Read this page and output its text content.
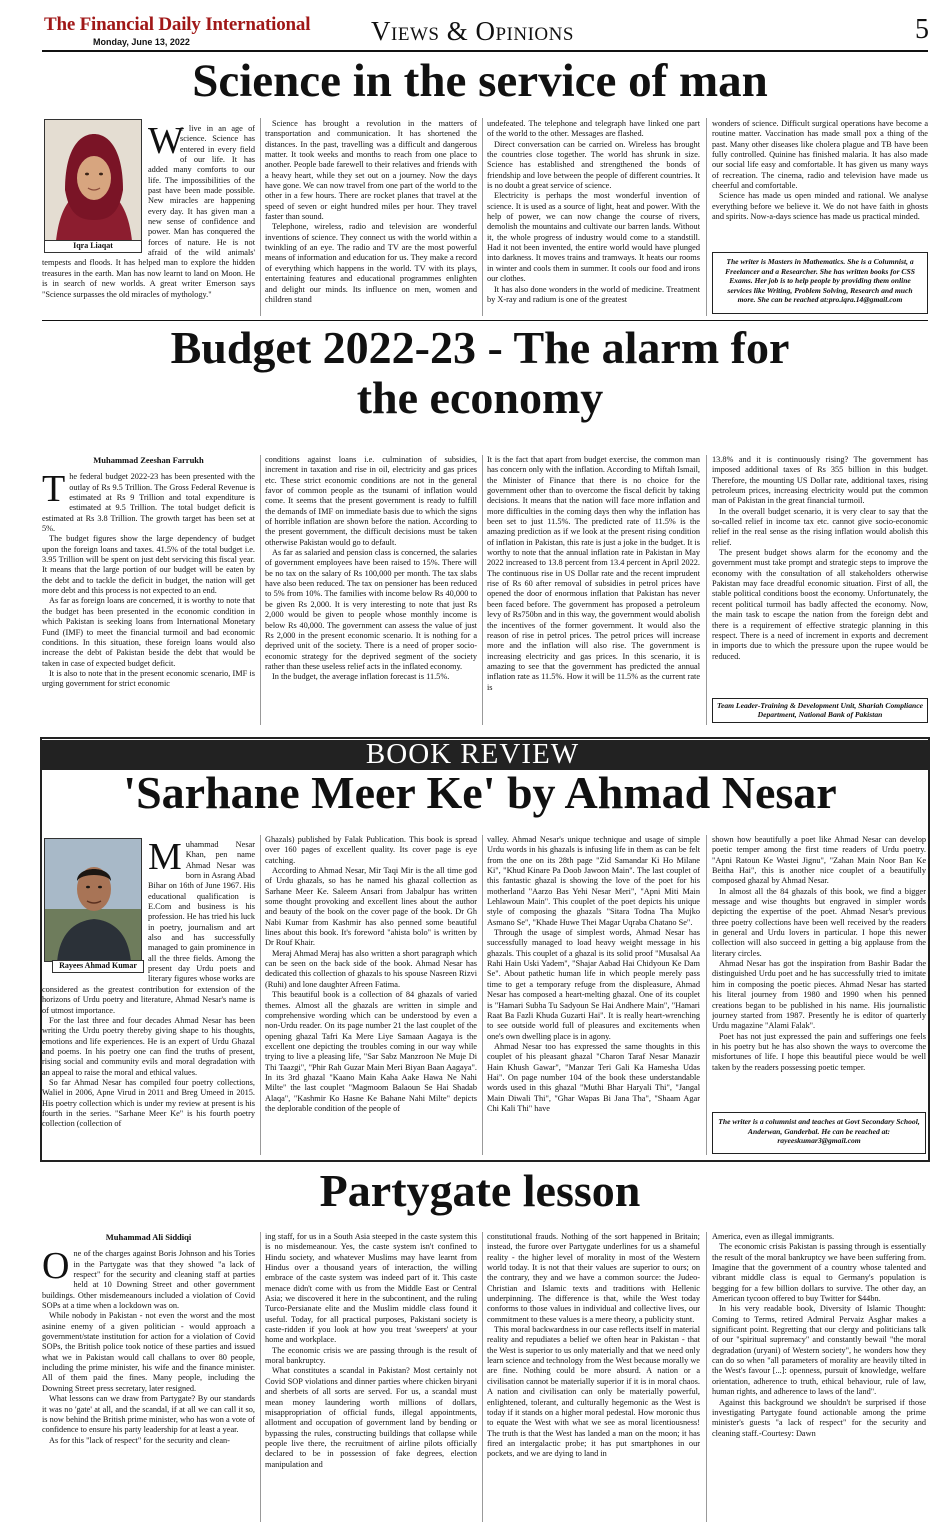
The Financial Daily International
Monday, June 13, 2022	Views & Opinions	5
Science in the service of man
Iqra Liaqat
W

e live in an age of science. Science has entered in every field of our life. It has added many comforts to our life. The impossibilities of the past have been made possible. New miracles are happening every day. It has given man a new sense of confidence and power. Man has conquered the forces of nature. He is not afraid of the wild animals' tempests and floods. It has helped man to explore the hidden treasures in the earth. Man has now learnt to land on Moon. He is in search of new worlds. A great writer Emerson says "Science surpasses the old miracles of mythology."

Science has brought a revolution in the matters of transportation and communication. It has shortened the distances. In the past, travelling was a difficult and dangerous matter. It took weeks and months to reach from one place to another. People bade farewell to their relatives and friends with a heavy heart, while they set out on a journey. Now the days have gone. We can now travel from one part of the world to the other in a few hours. There are rocket planes that travel at the speed of seven or eight hundred miles per hour. They travel faster than sound.

Telephone, wireless, radio and television are wonderful inventions of science. They connect us with the world within a twinkling of an eye. The radio and TV are the most powerful means of information and education for us. They make a record of everything which happens in the world. TV with its plays, entertaining features and educational programmes enlighten and delight our minds. Its influence on men, women and children stand

undefeated. The telephone and telegraph have linked one part of the world to the other. Messages are flashed.

Direct conversation can be carried on. Wireless has brought the countries close together. The world has shrunk in size. Science has established and strengthened the bonds of friendship and love between the people of different countries. It is no doubt a great service of science.

Electricity is perhaps the most wonderful invention of science. It is used as a source of light, heat and power. With the help of power, we can now change the course of rivers, demolish the mountains and cultivate our barren lands. Without it, the whole progress of industry would come to a standstill. Had it not been invented, the entire world would have plunged into darkness. It moves trains and tramways. It heats our rooms in winter and cools them in summer. It cools our food and irons our clothes.

It has also done wonders in the world of medicine. Treatment by X-ray and radium is one of the greatest

wonders of science. Difficult surgical operations have become a routine matter. Vaccination has made small pox a thing of the past. Many other diseases like cholera plague and TB have been fully controlled. Quinine has finished malaria. It has also made our social life easy and comfortable. It has given us many ways of recreation. The cinema, radio and television have made us cheerful and comfortable.

Science has made us open minded and rational. We analyse everything before we believe it. We do not have faith in ghosts and spirits. Now-a-days science has made us practical minded.

The writer is Masters in Mathematics. She is a Columnist, a Freelancer and a Researcher. She has written books for CSS Exams. Her job is to help people by providing them online services like Writing, Problem Solving, Research and much more. She can be reached at:pro.iqra.14@gmail.com
Budget 2022-23 - The alarm for
the economy
Muhammad Zeeshan Farrukh
T he federal budget 2022-23 has been presented with the outlay of Rs 9.5 Trillion. The Gross Federal Revenue is estimated at Rs 9 Trillion and total expenditure is estimated at 9.5 Trillion. The total budget deficit is estimated at Rs 3.8 Trillion. The growth target has been set at 5%.

The budget figures show the large dependency of budget upon the foreign loans and taxes. 41.5% of the total budget i.e. 3.95 Trillion will be spent on just debt servicing this fiscal year. It means that the large portion of our budget will be eaten by the debt and to tackle the deficit in budget, the nation will get more debt and this process is not expected to an end.

As far as foreign loans are concerned, it is worthy to note that the budget has been presented in the economic condition in which Pakistan is seeking loans from International Monetary Fund (IMF) to meet the financial turmoil and bad economic conditions. In this situation, these foreign loans would also increase the debt of Pakistan beside the debt that would be taken in case of expected budget deficit.

It is also to note that in the present economic scenario, IMF is urging government for strict economic

conditions against loans i.e. culmination of subsidies, increment in taxation and rise in oil, electricity and gas prices etc. These strict economic conditions are not in the general favor of common people as the tsunami of inflation would come. It seems that the present government is ready to fulfill the demands of IMF on immediate basis due to which the signs of horrible inflation are shown before the nation. According to the present government, the difficult decisions must be taken otherwise Pakistan would go to default.

As far as salaried and pension class is concerned, the salaries of government employees have been raised to 15%. There will be no tax on the salary of Rs 100,000 per month. The tax slabs have also been reduced. The tax on pensioner has been reduced to 5% from 10%. The families with income below Rs 40,000 to be given Rs 2,000. It is very interesting to note that just Rs 2,000 would be given to people whose monthly income is below Rs 40,000. The government can assess the value of just Rs 2,000 in the present economic scenario. It is nothing for a deprived unit of the society. There is a need of proper socio-economic strategy for the deprived segment of the society rather than these useless relief acts in the inflated economy.

In the budget, the average inflation forecast is 11.5%.

It is the fact that apart from budget exercise, the common man has concern only with the inflation. According to Miftah Ismail, the Minister of Finance that there is no choice for the government other than to overcome the fiscal deficit by taking decisions. It means that the nation will face more inflation and more difficulties in the coming days then why the inflation has been set to just 11.5%. The predicted rate of 11.5% is the amazing prediction as if we look at the present rising condition of inflation in Pakistan, this rate is just a joke in the budget. It is worthy to note that the annual inflation rate in Pakistan in May 2022 increased to 13.8 percent from 13.4 percent in April 2022. The continuous rise in US Dollar rate and the recent imprudent rise of Rs 60 after removal of subsidies in petrol prices have opened the door of enormous inflation that Pakistan has never been faced before. The government has proposed a petroleum levy of Rs750bn and in this way, the government would abolish the incentives of the former government. It would also the reason of rise in petrol prices. The petrol prices will increase more and the inflation will also rise. The government is increasing electricity and gas prices. In this scenario, it is amazing to see that the government has predicted the annual inflation rate as 11.5%. How it will be 11.5% as the current rate is

13.8% and it is continuously rising? The government has imposed additional taxes of Rs 355 billion in this budget. Therefore, the mounting US Dollar rate, additional taxes, rising petroleum prices, increasing electricity would put the common man of Pakistan in the great financial turmoil.

In the overall budget scenario, it is very clear to say that the so-called relief in income tax etc. cannot give socio-economic relief in the real sense as the rising inflation would abolish this relief.

The present budget shows alarm for the economy and the government must take prompt and strategic steps to improve the economy with the consultation of all stakeholders otherwise Pakistan may face dreadful economic situation. First of all, the stable political conditions boost the economy. Unfortunately, the recent political turmoil has badly affected the economy. Now, the main task to escape the nation from the foreign debt and there is a requirement of effective strategic planning in this respect. There is a need of increment in exports and decrement in imports due to which the pressure upon the rupee would be reduced.

Team Leader-Training & Development Unit, Shariah Compliance Department, National Bank of Pakistan
BOOK REVIEW
'Sarhane Meer Ke' by Ahmad Nesar
Rayees Ahmad Kumar
M uhammad Nesar Khan, pen name Ahmad Nesar was born in Asrang Abad Bihar on 16th of June 1967. His educational qualification is E.Com and business is his profession. He has tried his luck in poetry, journalism and art also and has successfully managed to gain prominence in all the three fields. Among the present day Urdu poets and literary figures whose works are considered as the greatest contribution for extension of the horizons of Urdu poetry and literature, Ahmad Nesar's name is of utmost importance.

For the last three and four decades Ahmad Nesar has been writing the Urdu poetry thereby giving shape to his thoughts, emotions and life experiences. He is an expert of Urdu Ghazal and poems. In his poetry one can find the truths of present, rising social and community evils and moral degradation with an appeal to raise the moral and ethical values.

So far Ahmad Nesar has compiled four poetry collections, Waliel in 2006, Apne Virud in 2011 and Breg Umeed in 2015. His poetry collection which is under my review at present is his fourth in the series. "Sarhane Meer Ke" is his fourth poetry collection (collection of

Ghazals) published by Falak Publication. This book is spread over 160 pages of excellent quality. Its cover page is eye catching.

According to Ahmad Nesar, Mir Taqi Mir is the all time god of Urdu ghazals, so has he named his ghazal collection as Sarhane Meer Ke. Saleem Ansari from Jabalpur has written some thought provoking and excellent lines about the author and beauty of the book on the cover page of the book. Dr Gh Nabi Kumar from Kashmir has also penned some beautiful lines about this book. It's foreword "ahista bolo" is written by Dr Rouf Khair.

Meraj Ahmad Meraj has also written a short paragraph which can be seen on the back side of the book. Ahmad Nesar has dedicated this collection of ghazals to his spouse Nasreen Rizvi (Ruhi) and lone daughter Afreen Fatima.

This beautiful book is a collection of 84 ghazals of varied themes. Almost all the ghazals are written in simple and comprehensive wording which can be understood by even a non-Urdu reader. On its page number 21 the last couplet of the opening ghazal Tafri Ka Mere Liye Samaan Aagaya is the excellent one depicting the troubles coming in our way while trying to live a pleasing life, "Sar Sabz Manzroon Ne Muje Di Thi Taazgi", "Phir Rah Guzar Main Meri Biyan Baan Aagaya". In its 3rd ghazal "Kaano Main Kaha Aake Hawa Ne Nahi Milte" the last couplet "Magmoom Balaoun Se Hai Shadab Alaqa", "Kashmir Ko Hasne Ke Bahane Nahi Milte" depicts the deplorable condition of the people of

valley. Ahmad Nesar's unique technique and usage of simple Urdu words in his ghazals is infusing life in them as can be felt from the one on its 28th page "Zid Samandar Ki Ho Milane Ki", "Khud Kinare Pa Doob Jawoon Main". The last couplet of this fantastic ghazal is showing the love of the poet for his motherland "Aarzo Bas Yehi Nesar Meri", "Apni Miti Main Lehlawoun Main". This couplet of the poet depicts his unique style of composing the ghazals "Sitara Todna Tha Mujko Asmano Se", "Khade Huwe Thei Magar Uqraba Chatano Se".

Through the usage of simplest words, Ahmad Nesar has successfully managed to load heavy weight message in his ghazals. This couplet of a ghazal is its solid proof "Musalsal Aa Rahi Hain Uski Yadem", "Shajar Aabad Hai Chidyoun Ke Dam Se". About pathetic human life in which people merely pass time to get a temporary refuge from the displeasure, Ahmad Nesar has composed a heart-melting ghazal. One of its couplet is "Hamari Subha Tu Sadyoun Se Hai Andhere Main", "Hamari Raat Ba Fazli Khuda Guzarti Hai". It is really heart-wrenching to see outside world full of pleasures and excitements when one's own dwelling place is in agony.

Ahmad Nesar too has expressed the same thoughts in this couplet of his pleasant ghazal "Charon Taraf Nesar Manazir Hain Khush Gawar", "Manzar Teri Gali Ka Hamesha Udas Hai". On page number 104 of the book these understandable words used in this ghazal "Muthi Bhar Haryali Thi", "Jangal Main Diwali Thi", "Ghar Wapas Bi Jana Tha", "Shaam Agar Chi Kali Thi" have

shown how beautifully a poet like Ahmad Nesar can develop poetic temper among the first time readers of Urdu poetry. "Apni Ratoun Ke Wastei Jignu", "Zahan Main Noor Ban Ke Beitha Hai", this is another nice couplet of a beautifully composed ghazal by Ahmad Nesar.

In almost all the 84 ghazals of this book, we find a bigger message and wise thoughts but engraved in simpler words depicting the expertise of the poet. Ahmad Nesar's previous three poetry collections have been well received by the readers in general and Urdu lovers in particular. I hope this newer collection will also succeed in getting a big applause from the literary circles.

Ahmad Nesar has got the inspiration from Bashir Badar the distinguished Urdu poet and he has successfully tried to imitate him in composing the poetic pieces. Ahmad Nesar has started his literal journey from 1980 and 1990 when his penned creations began to be published in his name. His journalistic journey started from 1987. Presently he is editor of quarterly Urdu magazine "Alami Falak".

Poet has not just expressed the pain and sufferings one feels in his poetry but he has also shown the ways to overcome the misfortunes of life. I hope this beautiful piece would be well taken by the readers possessing poetic temper.

The writer is a columnist and teaches at Govt Secondary School, Anderwan, Ganderbal. He can be reached at: rayeeskumar3@gmail.com
Partygate lesson
Muhammad Ali Siddiqi
O ne of the charges against Boris Johnson and his Tories in the Partygate was that they showed "a lack of respect" for the security and cleaning staff at parties held at 10 Downing Street and other government buildings. Other misdemeanours included a violation of Covid SOPs at a time when a lockdown was on.

While nobody in Pakistan - not even the worst and the most asinine enemy of a given politician - would approach a government/state institution for action for a violation of Covid SOPs, the British police took notice of these parties and issued what we in Pakistan would call challans to over 80 people, including the prime minister, his wife and the finance minister. All of them paid the fines. Many people, including the Downing Street press secretary, later resigned.

What lessons can we draw from Partygate? By our standards it was no 'gate' at all, and the scandal, if at all we can call it so, is now behind the British prime minister, who has won a vote of confidence to ensure his party leadership for at least a year.

As for this "lack of respect" for the security and clean-

ing staff, for us in a South Asia steeped in the caste system this is no misdemeanour. Yes, the caste system isn't confined to Hindu society, and whatever Muslims may have learnt from Hindus over a thousand years of interaction, the willing embrace of the caste system was indeed part of it. This caste menace didn't come with us from the Middle East or Central Asia; we discovered it here in the subcontinent, and the ruling Turco-Persianate elite and the Muslim middle class found it useful. Today, for all practical purposes, Pakistani society is caste-ridden if you look at how you treat 'sweepers' at your home and workplace.

The economic crisis we are passing through is the result of moral bankruptcy.

What constitutes a scandal in Pakistan? Most certainly not Covid SOP violations and dinner parties where chicken biryani and sherbets of all sorts are served. For us, a scandal must mean money laundering worth millions of dollars, misappropriation of official funds, illegal appointments, allotment and occupation of government land by bending or bypassing the rules, constructing buildings that collapse while people live there, the recruitment of airline pilots officially declared to be in possession of fake degrees, election manipulation and

constitutional frauds. Nothing of the sort happened in Britain; instead, the furore over Partygate underlines for us a shameful reality - the higher level of morality in most of the Western world today. It is not that their values are superior to ours; on the contrary, they and we have a common source: the Judeo-Christian and Islamic texts and traditions with Hellenic underpinning. The difference is that, while the West today conforms to those values in individual and collective lives, our commitment to these values is a mere theory, a publicity stunt.

This moral backwardness in our case reflects itself in material reality and repudiates a belief we often hear in Pakistan - that the West is superior to us only materially and that we need only learn science and technology from the West because morally we are fine. Nothing could be more absurd. A nation or a civilisation cannot be materially superior if it is in moral chaos. A nation and civilisation can only be materially powerful, enlightened, tolerant, and culturally hegemonic as the West is today if it stands on a higher moral pedestal. How moronic thus to equate the West with what we see as moral licentiousness! The truth is that the West has landed a man on the moon; it has fired an intergalactic probe; it has put smartphones in our pockets, and we are dying to land in

America, even as illegal immigrants.

The economic crisis Pakistan is passing through is essentially the result of the moral bankruptcy we have been suffering from. Imagine that the government of a country whose talented and vibrant middle class is equal to Germany's population is begging for a few billion dollars to survive. The other day, an American tycoon offered to buy Twitter for $44bn.

In his very readable book, Diversity of Islamic Thought: Coming to Terms, retired Admiral Pervaiz Asghar makes a significant point. Regretting that our clergy and politicians talk of our "spiritual supremacy" and constantly bewail "the moral degradation (uryani) of Western society", he wonders how they can do so when "all parameters of morality are heavily tilted in the West's favour [...]: openness, pursuit of knowledge, welfare orientation, adherence to truth, ethical behaviour, rule of law, human rights, and adherence to laws of the land".

Against this background we shouldn't be surprised if those investigating Partygate found actionable among the prime minister's guests "a lack of respect" for the security and cleaning staff.-Courtesy: Dawn
